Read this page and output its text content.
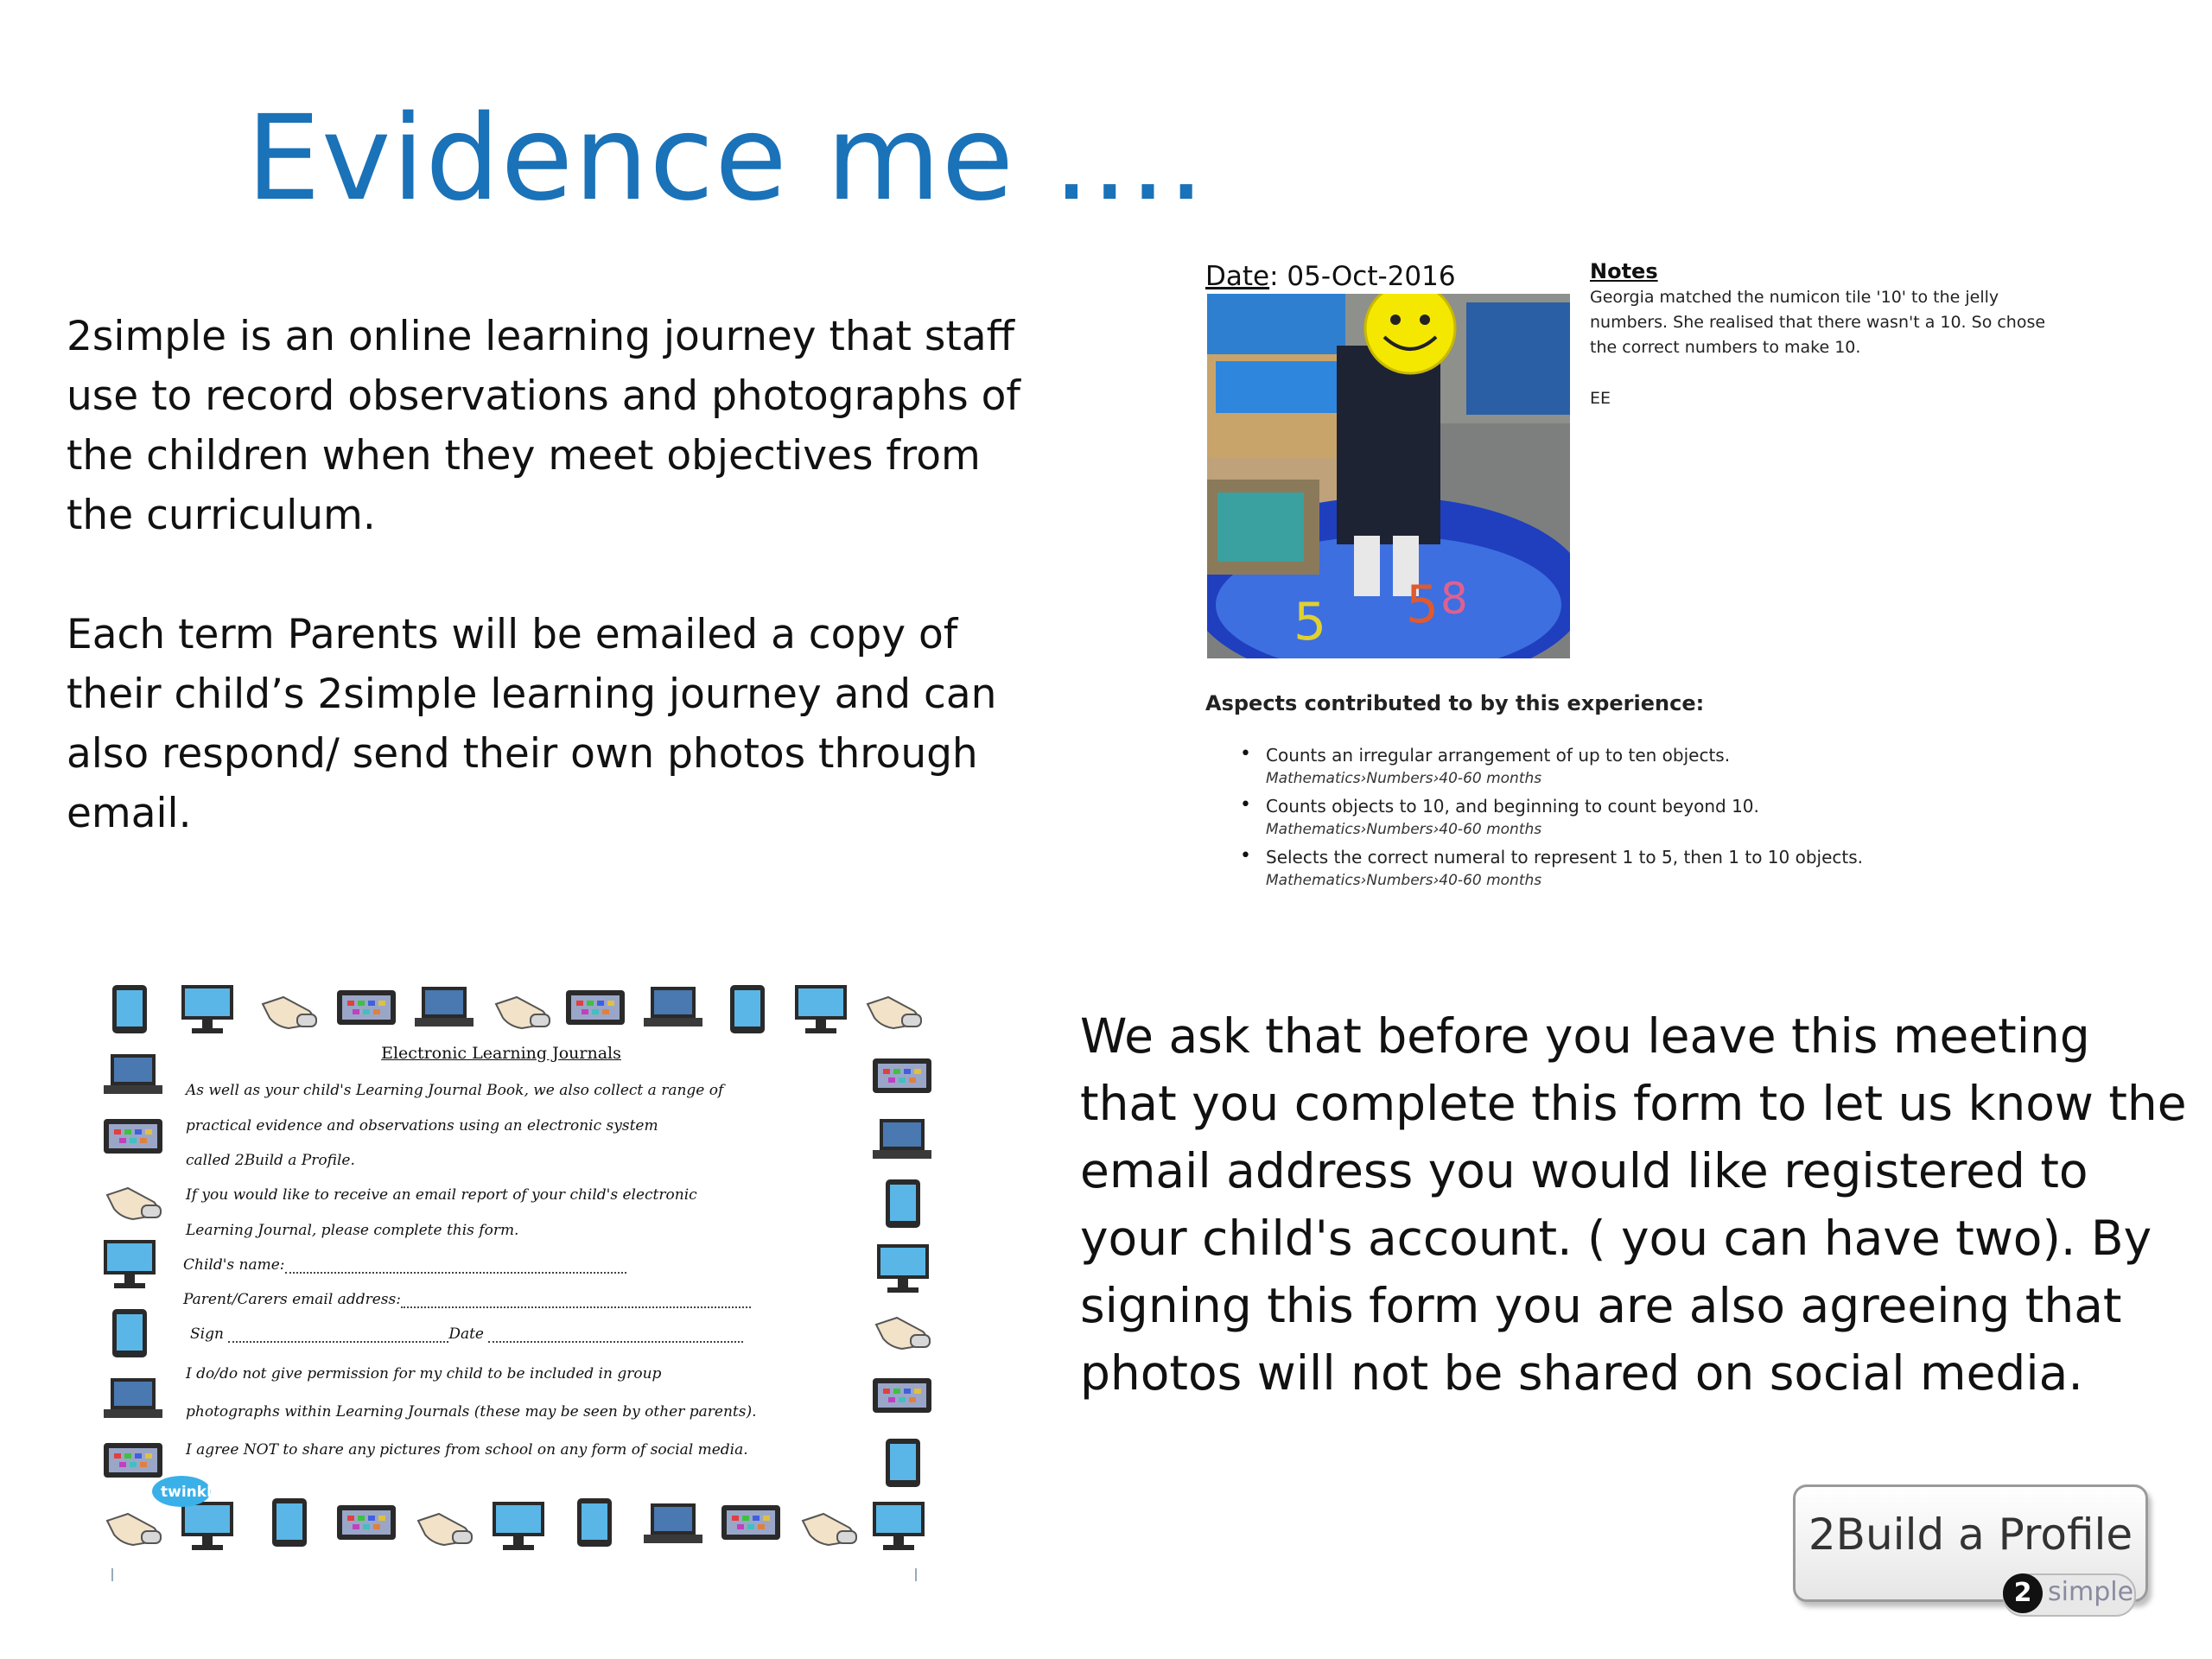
Evidence me ....
2simple is an online learning journey that staff use to record observations and photographs of the children when they meet objectives from the curriculum.
Each term Parents will be emailed a copy of their child’s 2simple learning journey and can also respond/ send their own photos through email.
Date: 05-Oct-2016
5
5	8
Notes
Georgia matched the numicon tile '10' to the jelly numbers. She realised that there wasn't a 10. So chose the correct numbers to make 10.
EE
Aspects contributed to by this experience:
• Counts an irregular arrangement of up to ten objects.
Mathematics›Numbers›40-60 months
• Counts objects to 10, and beginning to count beyond 10.
Mathematics›Numbers›40-60 months
• Selects the correct numeral to represent 1 to 5, then 1 to 10 objects.
Mathematics›Numbers›40-60 months
Electronic Learning Journals
As well as your child's Learning Journal Book, we also collect a range of
practical evidence and observations using an electronic system
called 2Build a Profile.
If you would like to receive an email report of your child's electronic
Learning Journal, please complete this form.
Child's name:
Parent/Carers email address:
Sign	Date
I do/do not give permission for my child to be included in group
photographs within Learning Journals (these may be seen by other parents).
I agree NOT to share any pictures from school on any form of social media.
twinkl
We ask that before you leave this meeting that you complete this form to let us know the email address you would like registered to your child's account. ( you can have two). By signing this form you are also agreeing that photos will not be shared on social media.
2Build a Profile
2 simple
